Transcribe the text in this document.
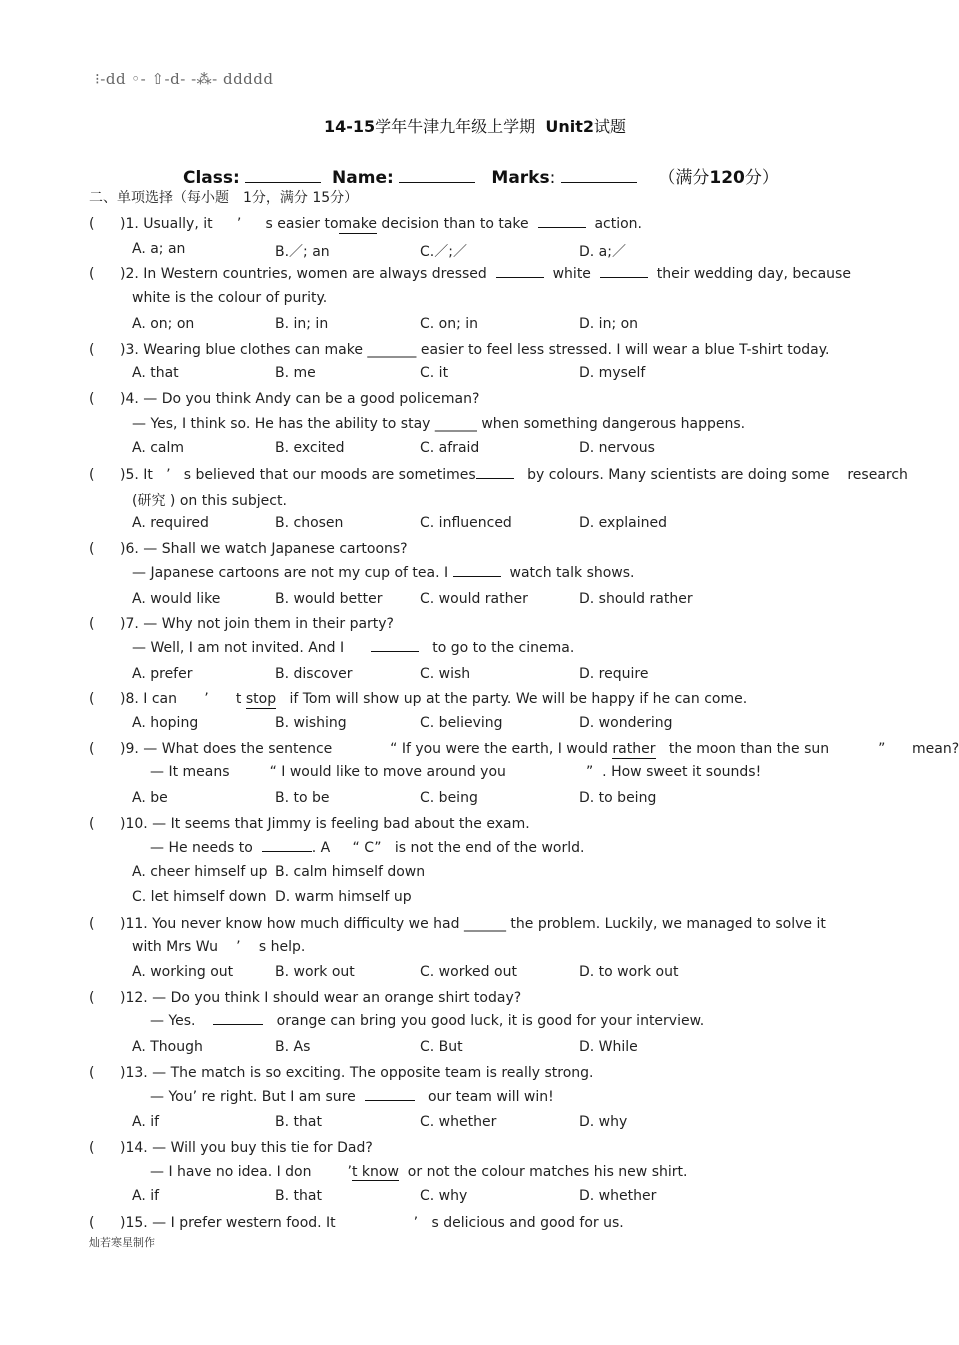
⁝-dd ◦- ⇧-d- -⁂- ddddd
14-15学年牛津九年级上学期 Unit2试题
Class:	Name:	Marks:	（满分120分）
二、单项选择（每小题　1分，满分 15分）
( )1. Usually, it ’ s easier tomake decision than to take	action.
A. a; an	B.／; an	C.／;／	D. a;／
( )2. In Western countries, women are always dressed	white	their wedding day, because
white is the colour of purity.
A. on; on	B. in; in	C. on; in	D. in; on
( )3. Wearing blue clothes can make _______ easier to feel less stressed. I will wear a blue T-shirt today.
A. that	B. me	C. it	D. myself
( )4. — Do you think Andy can be a good policeman?
— Yes, I think so. He has the ability to stay ______ when something dangerous happens.
A. calm	B. excited	C. afraid	D. nervous
( )5. It ’ s believed that our moods are sometimes	by colours. Many scientists are doing some research
(研究 ) on this subject.
A. required	B. chosen	C. influenced	D. explained
( )6. — Shall we watch Japanese cartoons?
— Japanese cartoons are not my cup of tea. I	watch talk shows.
A. would like	B. would better	C. would rather	D. should rather
( )7. — Why not join them in their party?
— Well, I am not invited. And I	to go to the cinema.
A. prefer	B. discover	C. wish	D. require
( )8. I can ’ t stop   if Tom will show up at the party. We will be happy if he can come.
A. hoping	B. wishing	C. believing	D. wondering
( )9. — What does the sentence	“ If you were the earth, I would rather   the moon than the sun	” mean?
— It means	“ I would like to move around you	” . How sweet it sounds!
A. be	B. to be	C. being	D. to being
( )10. — It seems that Jimmy is feeling bad about the exam.
— He needs to	. A “ C” is not the end of the world.
A. cheer himself up B. calm himself down
C. let himself down D. warm himself up
( )11. You never know how much difficulty we had ______ the problem. Luckily, we managed to solve it
with Mrs Wu ’ s help.
A. working out	B. work out	C. worked out	D. to work out
( )12. — Do you think I should wear an orange shirt today?
— Yes.	orange can bring you good luck, it is good for your interview.
A. Though	B. As	C. But	D. While
( )13. — The match is so exciting. The opposite team is really strong.
— You’ re right. But I am sure	our team will win!
A. if	B. that	C. whether	D. why
( )14. — Will you buy this tie for Dad?
— I have no idea. I don	’t know or not the colour matches his new shirt.
A. if	B. that	C. why	D. whether
( )15. — I prefer western food. It	’ s delicious and good for us.
灿若寒星制作
